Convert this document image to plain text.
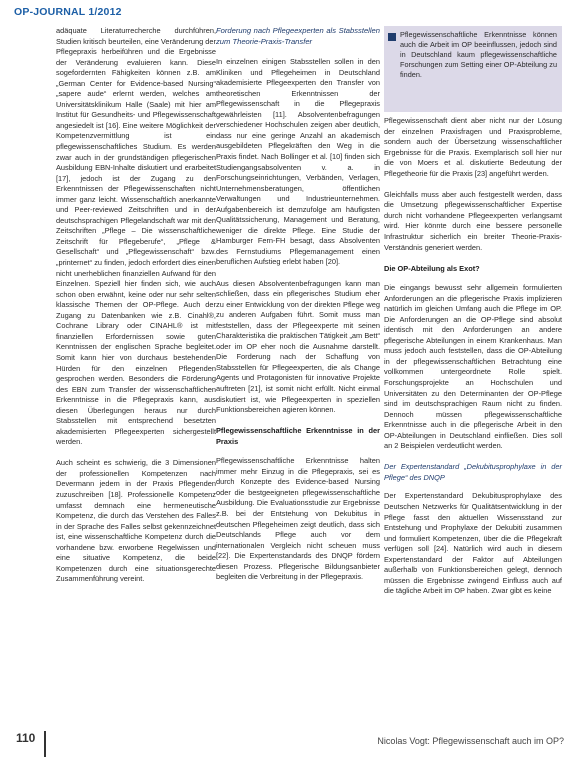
OP-JOURNAL 1/2012

adäquate Literaturrecherche durchführen, Studien kritisch beurteilen, eine Veränderung der Pflegepraxis herbeiführen und die Ergebnisse der Veränderung evaluieren kann. Diese sogefordernten Fähigkeiten können z.B. am „German Center for Evidence-based Nursing“ „sapere aude“ erlernt werden, welches am Universitätsklinikum Halle (Saale) mit hier am Institut für Gesundheits- und Pflegewissenschaft angesiedelt ist [16]. Eine weitere Möglichkeit der Kompetenzvermittlung ist ein pflegewissenschaftliches Studium. Es werden zwar auch in der grundständigen pflegerischen Ausbildung EBN-Inhalte diskutiert und erarbeitet [17], jedoch ist der Zugang zu den Erkenntnissen der Pflegewissenschaften nicht immer ganz leicht. Wissenschaftlich anerkannte und Peer-reviewed Zeitschriften und in der deutschsprachigen Pflegelandschaft war mit den Zeitschriften „Pflege – Die wissenschaftliche Zeitschrift für Pflegeberufe“, „Pflege & Gesellschaft“ und „Pflegewissenschaft“ bzw. „printernet“ zu finden, jedoch erfordert dies einen nicht unerheblichen finanziellen Aufwand für den Einzelnen. Speziell hier finden sich, wie auch schon oben erwähnt, keine oder nur sehr selten klassische Themen der OP-Pflege. Auch der Zugang zu Datenbanken wie z.B. Cinahl®, Cochrane Library oder CINAHL® ist mit finanziellen Erfordernissen sowie guten Kenntnissen der englischen Sprache begleitet. Somit kann hier von durchaus bestehenden Hürden für den einzelnen Pflegenden gesprochen werden. Besonders die Förderung des EBN zum Transfer der wissenschaftlichen Erkenntnisse in die Pflegepraxis kann, aus diesen Überlegungen heraus nur durch Stabsstellen mit entsprechend besetzten akademisierten Pflegeexperten sichergestellt werden.

Auch scheint es schwierig, die 3 Dimensionen der professionellen Kompetenzen nach Devermann jedem in der Praxis Pflegenden zuzuschreiben [18]. Professionelle Kompetenz umfasst demnach eine hermeneutische Kompetenz, die durch das Verstehen des Falles in der Sprache des Falles selbst gekennzeichnet ist, eine wissenschaftliche Kompetenz durch die vorhandene bzw. erworbene Regelwissen und eine situative Kompetenz, die beide Kompetenzen durch eine situationsgerechte Zusammenführung vereint.

Forderung nach Pflegeexperten als Stabsstellen zum Theorie-Praxis-Transfer

In einzelnen einigen Stabsstellen sollen in den Kliniken und Pflegeheimen in Deutschland akademisierte Pflegeexperten den Transfer von theoretischen Erkenntnissen der Pflegewissenschaft in die Pflegepraxis gewährleisten [11]. Absolventenbefragungen verschiedener Hochschulen zeigen aber deutlich, dass nur eine geringe Anzahl an akademisch ausgebildeten Pflegekräften den Weg in die Praxis findet. Nach Bollinger et al. [10] finden sich Studiengangsabsolventen v. a. in Forschungseinrichtungen, Verbänden, Verlagen, Unternehmensberatungen, öffentlichen Verwaltungen und Industrieunternehmen. Aufgabenbereich ist demzufolge am häufigsten Qualitätssicherung, Management und Beratung, weniger die direkte Pflege. Eine Studie der Hamburger Fern-FH besagt, dass Absolventen des Fernstudiums Pflegemanagement einen beruflichen Aufstieg erlebt haben [20].

Aus diesen Absolventenbefragungen kann man schließen, dass ein pflegerisches Studium eher zu einer Entwicklung von der direkten Pflege weg zu anderen Aufgaben führt. Somit muss man feststellen, dass der Pflegeexperte mit seinen Charakteristika die praktischen Tätigkeit „am Bett“ oder im OP eher noch die Ausnahme darstellt. Die Forderung nach der Schaffung von Stabsstellen für Pflegeexperten, die als Change Agents und Protagonisten für innovative Projekte auftreten [21], ist somit nicht erfüllt. Nicht einmal diskutiert ist, wie Pflegeexperten in speziellen Funktionsbereichen agieren können.

Pflegewissenschaftliche Erkenntnisse in der Praxis

Pflegewissenschaftliche Erkenntnisse halten immer mehr Einzug in die Pflegepraxis, sei es durch Konzepte des Evidence-based Nursing oder die bestgeeigneten pflegewissenschaftliche Ausbildung. Die Evaluationsstudie zur Ergebnisse z.B. bei der Entstehung von Dekubitus in deutschen Pflegeheimen zeigt deutlich, dass sich Deutschlands Pflege auch vor dem internationalen Vergleich nicht scheuen muss [22]. Die Expertenstandards des DNQP fördern diesen Prozess. Pflegerische Bildungsanbieter begleiten die Verbreitung in der Pflegepraxis.

Pflegewissenschaftliche Erkenntnisse können auch die Arbeit im OP beeinflussen, jedoch sind in Deutschland kaum pflegewissenschaftliche Forschungen zum Setting einer OP-Abteilung zu finden.

Pflegewissenschaft dient aber nicht nur der Lösung der einzelnen Praxisfragen und Praxisprobleme, sondern auch der Übersetzung wissenschaftlicher Ergebnisse für die Praxis. Exemplarisch soll hier nur die von Moers et al. diskutierte Bedeutung der Pflegetheorie für die Praxis [23] angeführt werden.

Gleichfalls muss aber auch festgestellt werden, dass die Umsetzung pflegewissenschaftlicher Expertise durch nicht vorhandene Pflegeexperten verlangsamt wird. Hier könnte durch eine bessere personelle Infrastruktur sicherlich ein breiter Theorie-Praxis-Verständnis generiert werden.

Die OP-Abteilung als Exot?

Die eingangs bewusst sehr allgemein formulierten Anforderungen an die pflegerische Praxis implizieren natürlich im gleichen Umfang auch die Pflege im OP. Die Anforderungen an die OP-Pflege sind absolut identisch mit den Anforderungen an andere pflegerische Abteilungen in einem Krankenhaus. Man muss jedoch auch feststellen, dass die OP-Abteilung in der pflegewissenschaftlichen Betrachtung eine vollkommen untergeordnete Rolle spielt. Forschungsprojekte an Hochschulen und Universitäten zu den Determinanten der OP-Pflege sind im deutschsprachigen Raum nicht zu finden. Dennoch müssen pflegewissenschaftliche Erkenntnisse auch in die pflegerische Arbeit in den OP-Abteilungen in Deutschland einfließen. Dies soll an 2 Beispielen verdeutlicht werden.

Der Expertenstandard „Dekubitusprophylaxe in der Pflege“ des DNQP

Der Expertenstandard Dekubitusprophylaxe des Deutschen Netzwerks für Qualitätsentwicklung in der Pflege fasst den aktuellen Wissensstand zur Entstehung und Prophylaxe der Dekubiti zusammen und formuliert Kompetenzen, über die die Pflegekraft verfügen soll [24]. Natürlich wird auch in diesem Expertenstandard der Faktor auf Abteilungen außerhalb von Funktionsbereichen gelegt, dennoch müssen die Ergebnisse zwingend Einfluss auch auf die tägliche Arbeit im OP haben. Zwar gibt es keine

110	Nicolas Vogt: Pflegewissenschaft auch im OP?
